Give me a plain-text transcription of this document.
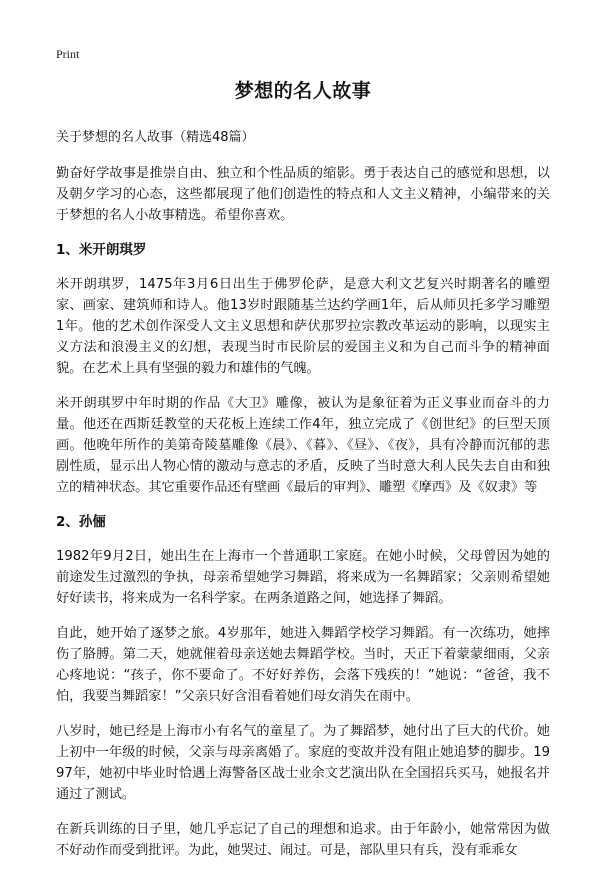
Print
梦想的名人故事
关于梦想的名人故事（精选48篇）
勤奋好学故事是推崇自由、独立和个性品质的缩影。勇于表达自己的感觉和思想，以及朝夕学习的心态，这些都展现了他们创造性的特点和人文主义精神，小编带来的关于梦想的名人小故事精选。希望你喜欢。
1、米开朗琪罗
米开朗琪罗，1475年3月6日出生于佛罗伦萨，是意大利文艺复兴时期著名的雕塑家、画家、建筑师和诗人。他13岁时跟随基兰达约学画1年，后从师贝托多学习雕塑1年。他的艺术创作深受人文主义思想和萨伏那罗拉宗教改革运动的影响，以现实主义方法和浪漫主义的幻想，表现当时市民阶层的爱国主义和为自己而斗争的精神面貌。在艺术上具有坚强的毅力和雄伟的气魄。
米开朗琪罗中年时期的作品《大卫》雕像，被认为是象征着为正义事业而奋斗的力量。他还在西斯廷教堂的天花板上连续工作4年，独立完成了《创世纪》的巨型天顶画。他晚年所作的美第奇陵墓雕像《晨》、《暮》、《昼》、《夜》，具有冷静而沉郁的悲剧性质，显示出人物心情的激动与意志的矛盾，反映了当时意大利人民失去自由和独立的精神状态。其它重要作品还有壁画《最后的审判》、雕塑《摩西》及《奴隶》等
2、孙俪
1982年9月2日，她出生在上海市一个普通职工家庭。在她小时候，父母曾因为她的前途发生过激烈的争执，母亲希望她学习舞蹈，将来成为一名舞蹈家；父亲则希望她好好读书，将来成为一名科学家。在两条道路之间，她选择了舞蹈。
自此，她开始了逐梦之旅。4岁那年，她进入舞蹈学校学习舞蹈。有一次练功，她摔伤了胳膊。第二天，她就催着母亲送她去舞蹈学校。当时，天正下着蒙蒙细雨，父亲心疼地说：“孩子，你不要命了。不好好养伤，会落下残疾的！”她说：“爸爸，我不怕，我要当舞蹈家！”父亲只好含泪看着她们母女消失在雨中。
八岁时，她已经是上海市小有名气的童星了。为了舞蹈梦，她付出了巨大的代价。她上初中一年级的时候，父亲与母亲离婚了。家庭的变故并没有阻止她追梦的脚步。1997年，她初中毕业时恰遇上海警备区战士业余文艺演出队在全国招兵买马，她报名并通过了测试。
在新兵训练的日子里，她几乎忘记了自己的理想和追求。由于年龄小，她常常因为做不好动作而受到批评。为此，她哭过、闹过。可是，部队里只有兵，没有乖乖女
